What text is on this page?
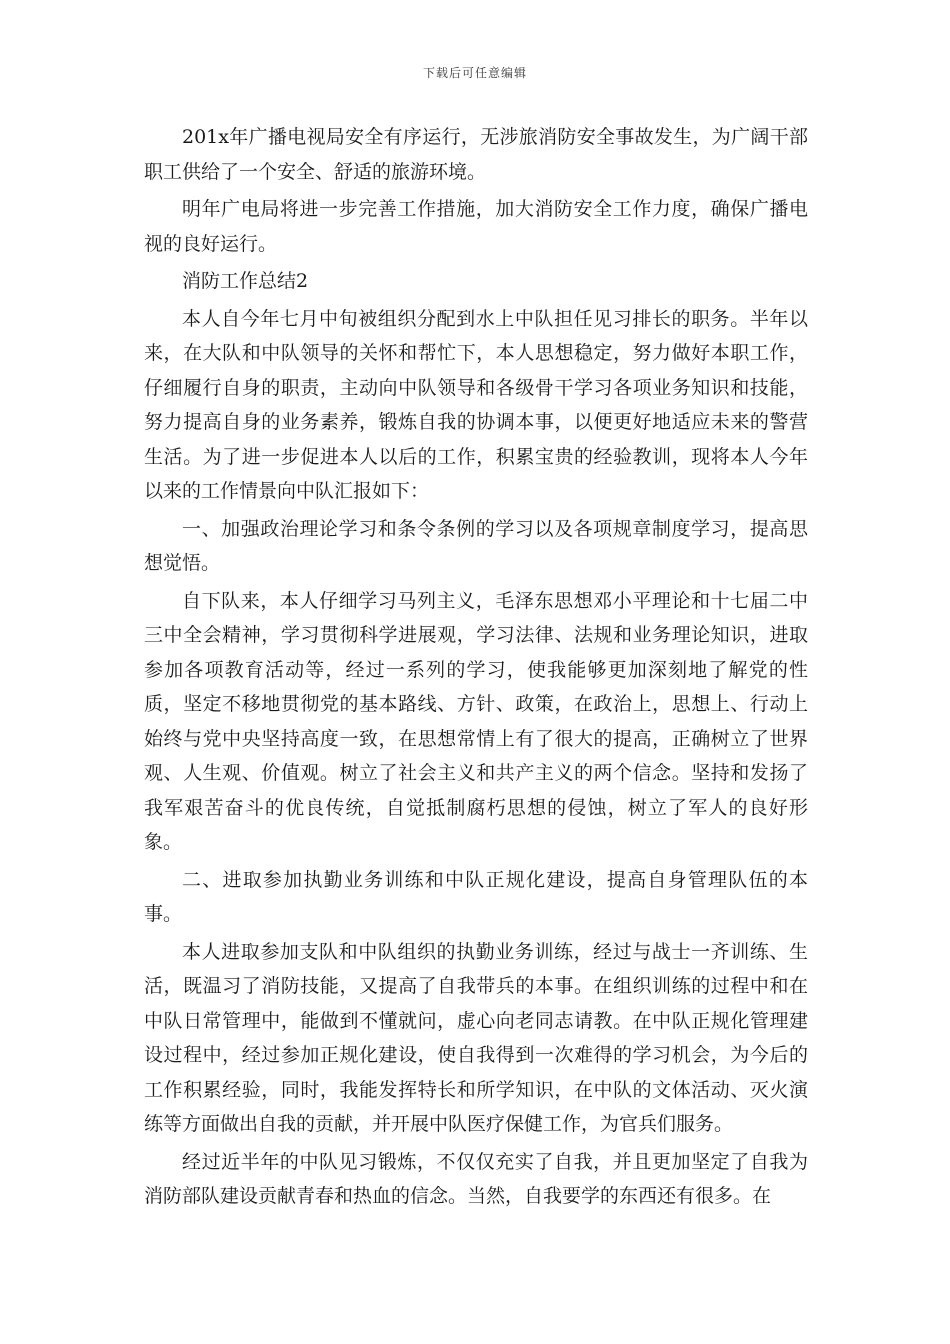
下载后可任意编辑

201x年广播电视局安全有序运行，无涉旅消防安全事故发生，为广阔干部职工供给了一个安全、舒适的旅游环境。

明年广电局将进一步完善工作措施，加大消防安全工作力度，确保广播电视的良好运行。

消防工作总结2

本人自今年七月中旬被组织分配到水上中队担任见习排长的职务。半年以来，在大队和中队领导的关怀和帮忙下，本人思想稳定，努力做好本职工作，仔细履行自身的职责，主动向中队领导和各级骨干学习各项业务知识和技能，努力提高自身的业务素养，锻炼自我的协调本事，以便更好地适应未来的警营生活。为了进一步促进本人以后的工作，积累宝贵的经验教训，现将本人今年以来的工作情景向中队汇报如下：

一、加强政治理论学习和条令条例的学习以及各项规章制度学习，提高思想觉悟。

自下队来，本人仔细学习马列主义，毛泽东思想邓小平理论和十七届二中三中全会精神，学习贯彻科学进展观，学习法律、法规和业务理论知识，进取参加各项教育活动等，经过一系列的学习，使我能够更加深刻地了解党的性质，坚定不移地贯彻党的基本路线、方针、政策，在政治上，思想上、行动上始终与党中央坚持高度一致，在思想常情上有了很大的提高，正确树立了世界观、人生观、价值观。树立了社会主义和共产主义的两个信念。坚持和发扬了我军艰苦奋斗的优良传统，自觉抵制腐朽思想的侵蚀，树立了军人的良好形象。

二、进取参加执勤业务训练和中队正规化建设，提高自身管理队伍的本事。

本人进取参加支队和中队组织的执勤业务训练，经过与战士一齐训练、生活，既温习了消防技能，又提高了自我带兵的本事。在组织训练的过程中和在中队日常管理中，能做到不懂就问，虚心向老同志请教。在中队正规化管理建设过程中，经过参加正规化建设，使自我得到一次难得的学习机会，为今后的工作积累经验，同时，我能发挥特长和所学知识，在中队的文体活动、灭火演练等方面做出自我的贡献，并开展中队医疗保健工作，为官兵们服务。

经过近半年的中队见习锻炼，不仅仅充实了自我，并且更加坚定了自我为消防部队建设贡献青春和热血的信念。当然，自我要学的东西还有很多。在
